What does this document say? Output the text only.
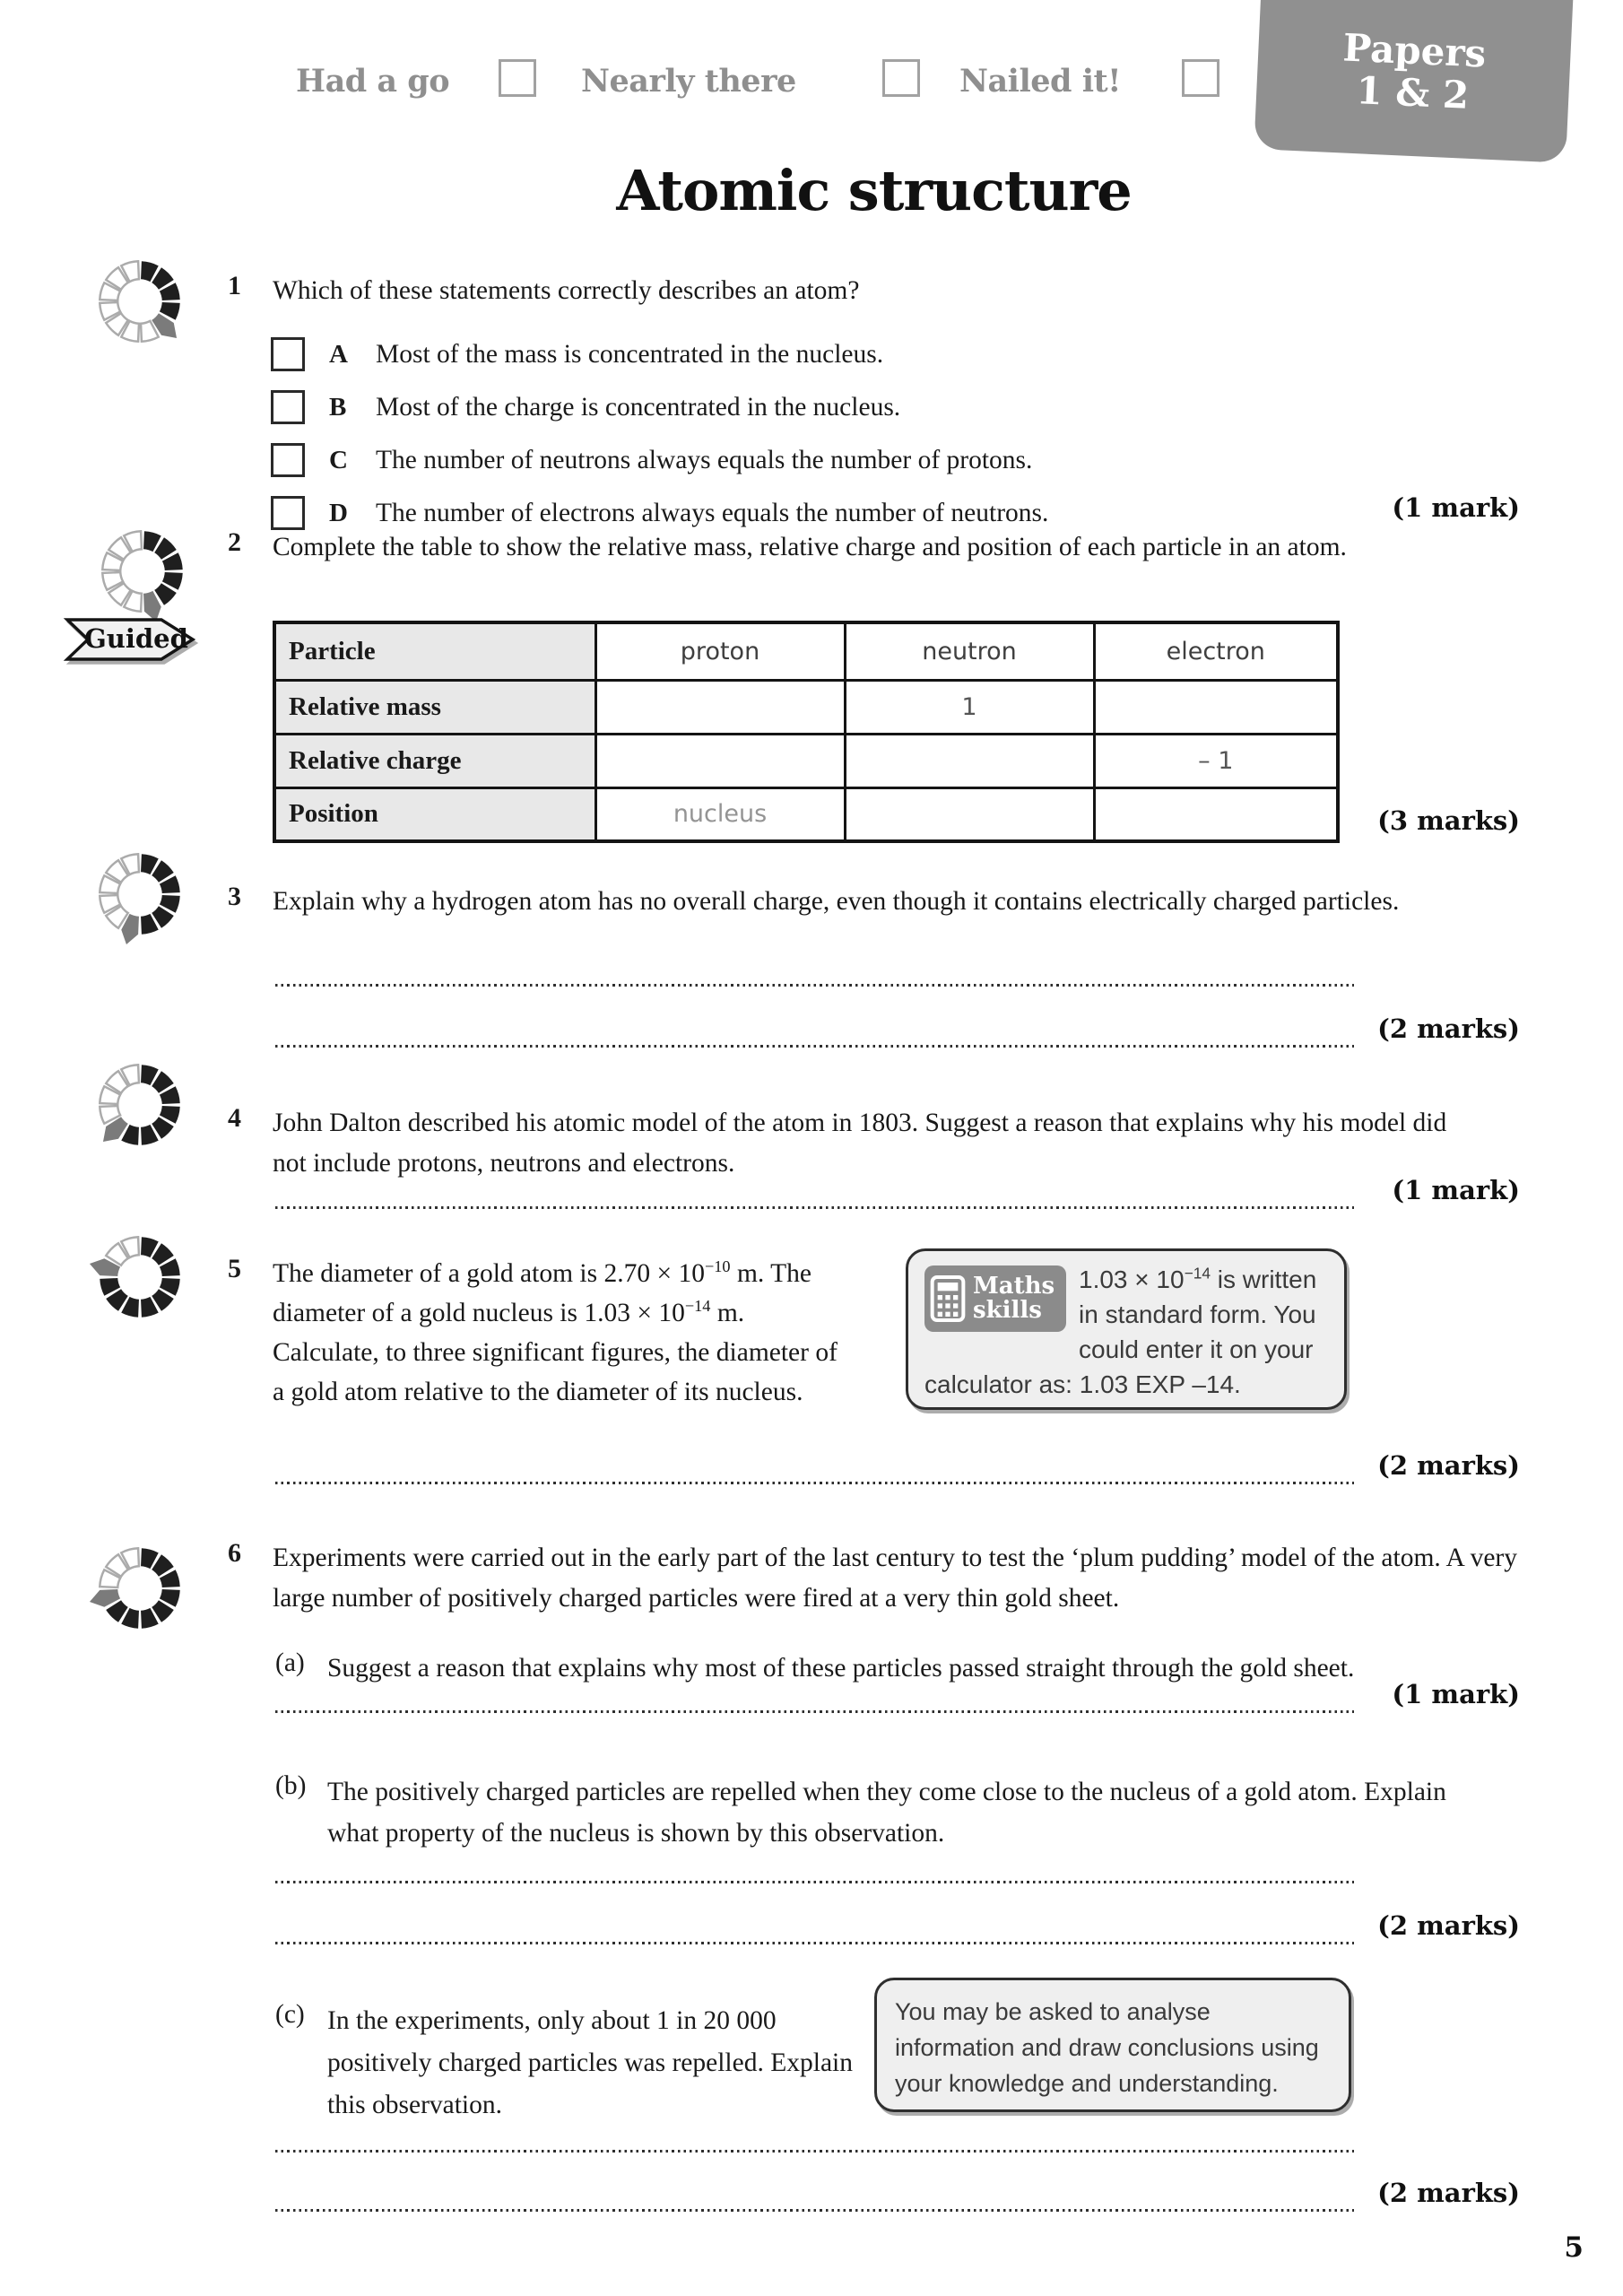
Had a go	Nearly there	Nailed it!
Papers
1 & 2
Atomic structure
Guided
1	Which of these statements correctly describes an atom?
A	Most of the mass is concentrated in the nucleus.
B	Most of the charge is concentrated in the nucleus.
C	The number of neutrons always equals the number of protons.
D	The number of electrons always equals the number of neutrons.
2	Complete the table to show the relative mass, relative charge and position of each particle in an atom.
Particle	proton	neutron	electron
Relative mass		1	
Relative charge			– 1
Position	nucleus		
3	Explain why a hydrogen atom has no overall charge, even though it contains electrically charged particles.
4	John Dalton described his atomic model of the atom in 1803. Suggest a reason that explains why his model did not include protons, neutrons and electrons.
5	The diameter of a gold atom is $2.70 \times 10^{-10}$ m. The diameter of a gold nucleus is $1.03 \times 10^{-14}$ m. Calculate, to three significant figures, the diameter of a gold atom relative to the diameter of its nucleus.
Maths
skills
$1.03 \times 10^{-14}$ is written in standard form. You could enter it on your calculator as: 1.03 EXP –14.
6	Experiments were carried out in the early part of the last century to test the ‘plum pudding’ model of the atom. A very large number of positively charged particles were fired at a very thin gold sheet.
(a) Suggest a reason that explains why most of these particles passed straight through the gold sheet.
(b) The positively charged particles are repelled when they come close to the nucleus of a gold atom. Explain what property of the nucleus is shown by this observation.
(c) In the experiments, only about 1 in 20 000 positively charged particles was repelled. Explain this observation.
You may be asked to analyse information and draw conclusions using your knowledge and understanding.
(1 mark)
(3 marks)
(2 marks)
(1 mark)
(2 marks)
(1 mark)
(2 marks)
(2 marks)
5
